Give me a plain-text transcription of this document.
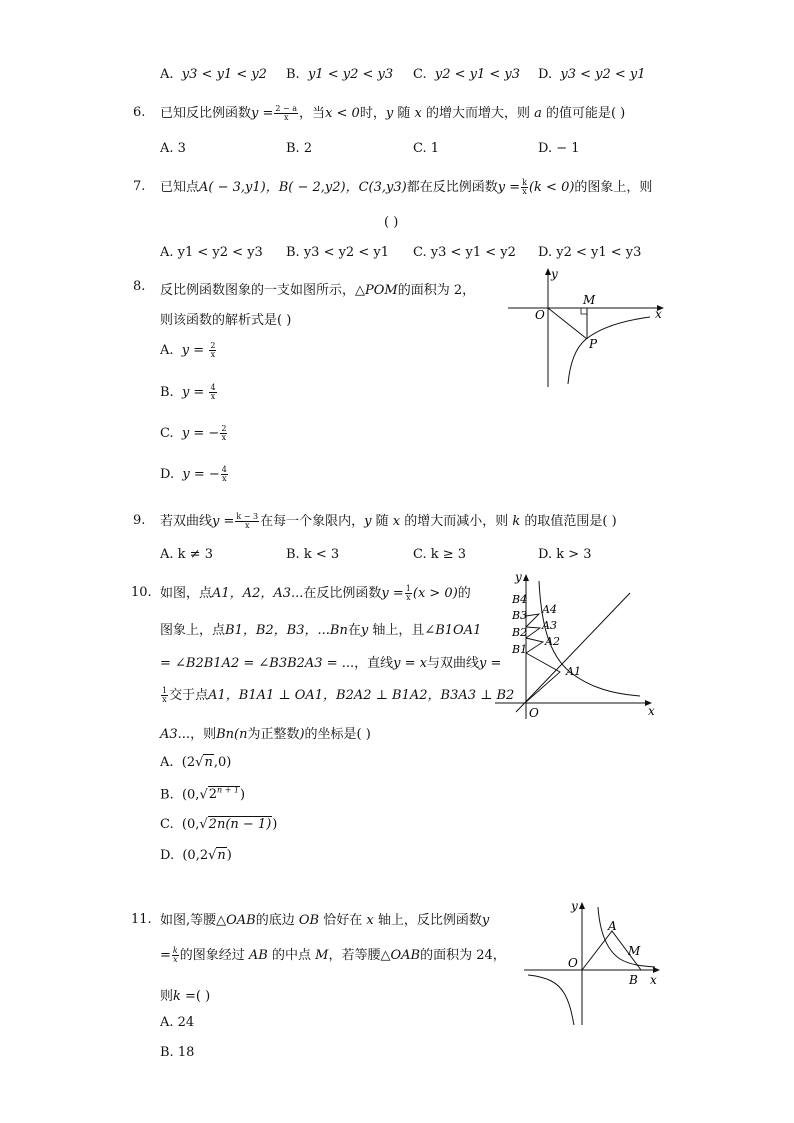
A. y3 < y1 < y2 B. y1 < y2 < y3 C. y2 < y1 < y3 D. y3 < y2 < y1
6. 已知反比例函数$y = \frac{2 - a}{x}$ ，当x < 0时，y 随 x 的增大而增大，则 a 的值可能是( )
A. 3	B. 2	C. 1	D. − 1
7. 已知点A( − 3,y1)，B( − 2,y2)，C(3,y3)都在反比例函数$y = \frac{k}{x} (k < 0)$的图象上，则
( )
A. y1 < y2 < y3 B. y3 < y2 < y1 C. y3 < y1 < y2 D. y2 < y1 < y3
8. 反比例函数图象的一支如图所示，△POM的面积为 2，
则该函数的解析式是( )
A. $y = \frac{2}{x}$
B. $y = \frac{4}{x}$
C. y = − $\frac{2}{x}$
D. y = − $\frac{4}{x}$
y
x
O
M
P
9. 若双曲线$y = \frac{k - 3}{x}$ 在每一个象限内，y 随 x 的增大而减小，则 k 的取值范围是( )
A. k ≠ 3	B. k < 3	C. k ≥ 3	D. k > 3
10. 如图，点A1，A2，A3...在反比例函数$y = \frac{1}{x} (x > 0)$的
图象上，点B1，B2，B3，...Bn在y 轴上，且∠B1OA1
= ∠B2B1A2 = ∠B3B2A3 = ...，直线y = x与双曲线y =
$\frac{1}{x}$ 交于点A1，B1A1 ⊥ OA1，B2A2 ⊥ B1A2，B3A3 ⊥ B2
A3...，则Bn(n为正整数)的坐标是( )
A. (2√n,0)
B. $(0,√2^{n + 1})$
C. (0,√2n(n − 1))
D. (0,2√n)
y
x
O
B4
B3
B2
B1
A4
A3
A2
A1
11. 如图,等腰△OAB的底边 OB 恰好在 x 轴上，反比例函数y
= $\frac{k}{x}$ 的图象经过 AB 的中点 M，若等腰△OAB的面积为 24，
则k =( )
A. 24
B. 18
A
M
B
O
y
x
